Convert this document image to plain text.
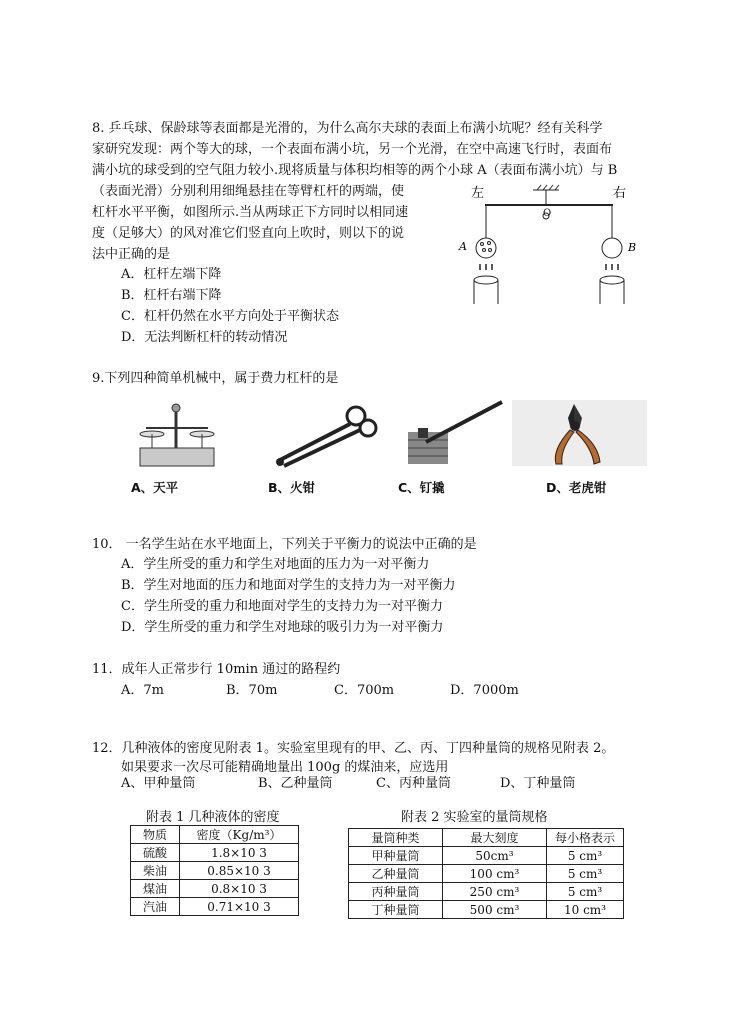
8. 乒乓球、保龄球等表面都是光滑的，为什么高尔夫球的表面上布满小坑呢？经有关科学
家研究发现：两个等大的球，一个表面布满小坑，另一个光滑，在空中高速飞行时，表面布
满小坑的球受到的空气阻力较小.现将质量与体积均相等的两个小球 A（表面布满小坑）与 B
（表面光滑）分别利用细绳悬挂在等臂杠杆的两端，使
杠杆水平平衡，如图所示.当从两球正下方同时以相同速
度（足够大）的风对准它们竖直向上吹时，则以下的说
法中正确的是
A．杠杆左端下降
B．杠杆右端下降
C．杠杆仍然在水平方向处于平衡状态
D．无法判断杠杆的转动情况
左	右
A	B
O
9.下列四种简单机械中，属于费力杠杆的是
A、天平	B、火钳	C、钉撬	D、老虎钳
10． 一名学生站在水平地面上，下列关于平衡力的说法中正确的是
A．学生所受的重力和学生对地面的压力为一对平衡力
B．学生对地面的压力和地面对学生的支持力为一对平衡力
C．学生所受的重力和地面对学生的支持力为一对平衡力
D．学生所受的重力和学生对地球的吸引力为一对平衡力
11．成年人正常步行 10min 通过的路程约
A．7m	B．70m	C．700m	D．7000m
12．几种液体的密度见附表 1。实验室里现有的甲、乙、丙、丁四种量筒的规格见附表 2。
如果要求一次尽可能精确地量出 100g 的煤油来，应选用
A、甲种量筒	B、乙种量筒	C、丙种量筒	D、丁种量筒
附表 1 几种液体的密度
物质	密度（Kg/m³）
硫酸	1.8×10 3
柴油	0.85×10 3
煤油	0.8×10 3
汽油	0.71×10 3
附表 2 实验室的量筒规格
量筒种类	最大刻度	每小格表示
甲种量筒	50cm³	5 cm³
乙种量筒	100 cm³	5 cm³
丙种量筒	250 cm³	5 cm³
丁种量筒	500 cm³	10 cm³
